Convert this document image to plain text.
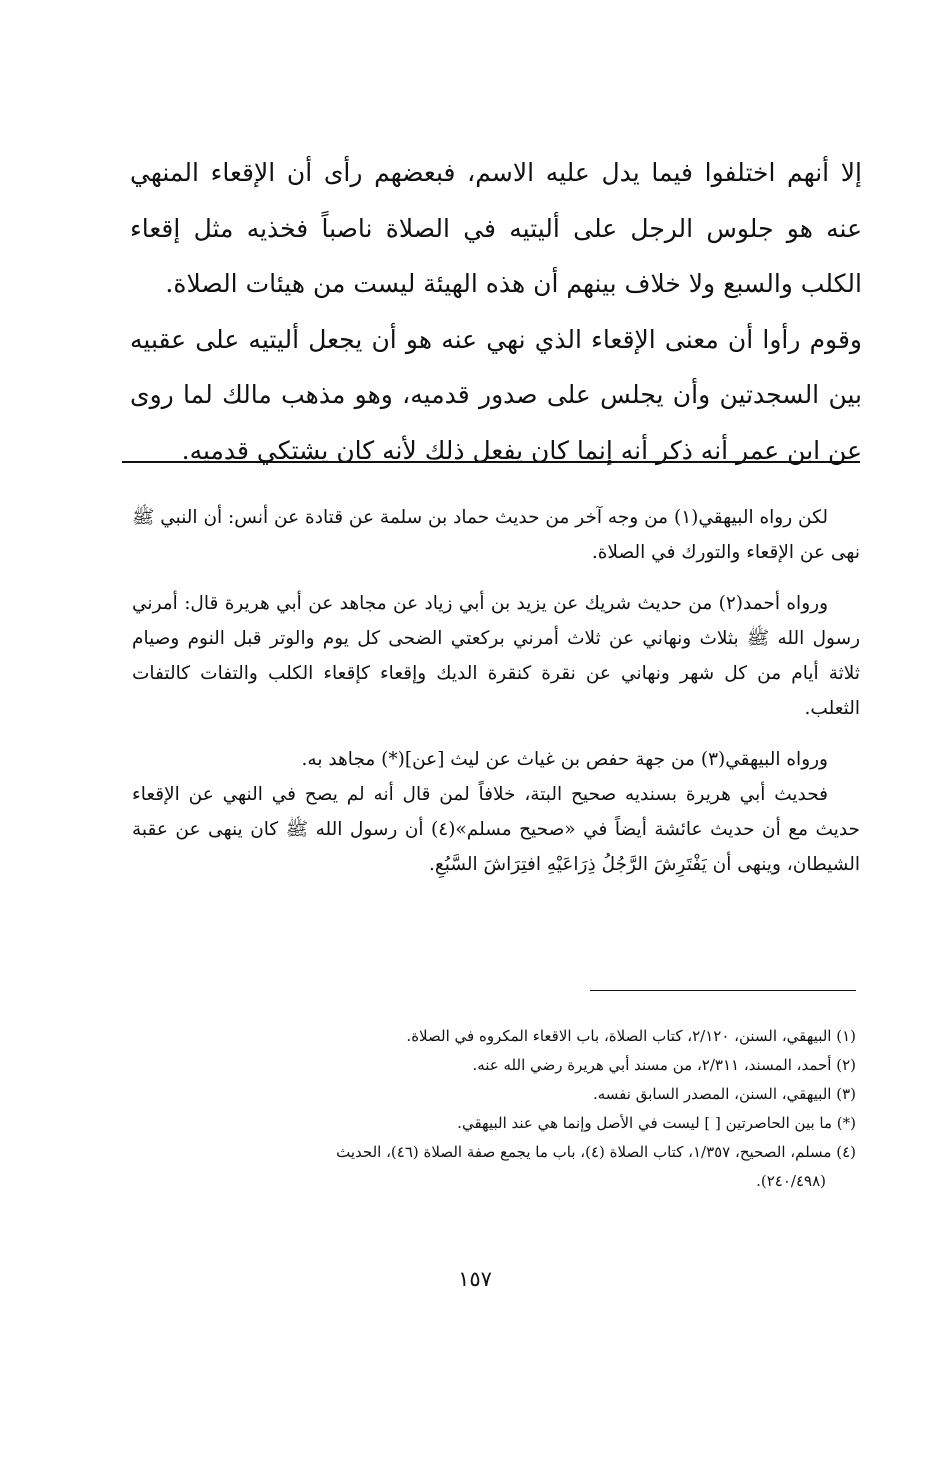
إلا أنهم اختلفوا فيما يدل عليه الاسم، فبعضهم رأى أن الإقعاء المنهي عنه هو جلوس الرجل على أليتيه في الصلاة ناصباً فخذيه مثل إقعاء الكلب والسبع ولا خلاف بينهم أن هذه الهيئة ليست من هيئات الصلاة.

وقوم رأوا أن معنى الإقعاء الذي نهي عنه هو أن يجعل أليتيه على عقبيه بين السجدتين وأن يجلس على صدور قدميه، وهو مذهب مالك لما روى عن ابن عمر أنه ذكر أنه إنما كان يفعل ذلك لأنه كان يشتكي قدميه.

لكن رواه البيهقي(١) من وجه آخر من حديث حماد بن سلمة عن قتادة عن أنس: أن النبي ﷺ نهى عن الإقعاء والتورك في الصلاة.

ورواه أحمد(٢) من حديث شريك عن يزيد بن أبي زياد عن مجاهد عن أبي هريرة قال: أمرني رسول الله ﷺ بثلاث ونهاني عن ثلاث أمرني بركعتي الضحى كل يوم والوتر قبل النوم وصيام ثلاثة أيام من كل شهر ونهاني عن نقرة كنقرة الديك وإقعاء كإقعاء الكلب والتفات كالتفات الثعلب.

ورواه البيهقي(٣) من جهة حفص بن غياث عن ليث [عن](*) مجاهد به.

فحديث أبي هريرة بسنديه صحيح البتة، خلافاً لمن قال أنه لم يصح في النهي عن الإقعاء حديث مع أن حديث عائشة أيضاً في «صحيح مسلم»(٤) أن رسول الله ﷺ كان ينهى عن عقبة الشيطان، وينهى أن يَفْتَرِشَ الرَّجُلُ ذِرَاعَيْهِ افتِرَاشَ السَّبُعِ.

(١) البيهقي، السنن، ٢/١٢٠، كتاب الصلاة، باب الاقعاء المكروه في الصلاة.

(٢) أحمد، المسند، ٢/٣١١، من مسند أبي هريرة رضي الله عنه.

(٣) البيهقي، السنن، المصدر السابق نفسه.

(*) ما بين الحاصرتين [ ] ليست في الأصل وإنما هي عند البيهقي.

(٤) مسلم، الصحيح، ١/٣٥٧، كتاب الصلاة (٤)، باب ما يجمع صفة الصلاة (٤٦)، الحديث

(٢٤٠/٤٩٨).

١٥٧
